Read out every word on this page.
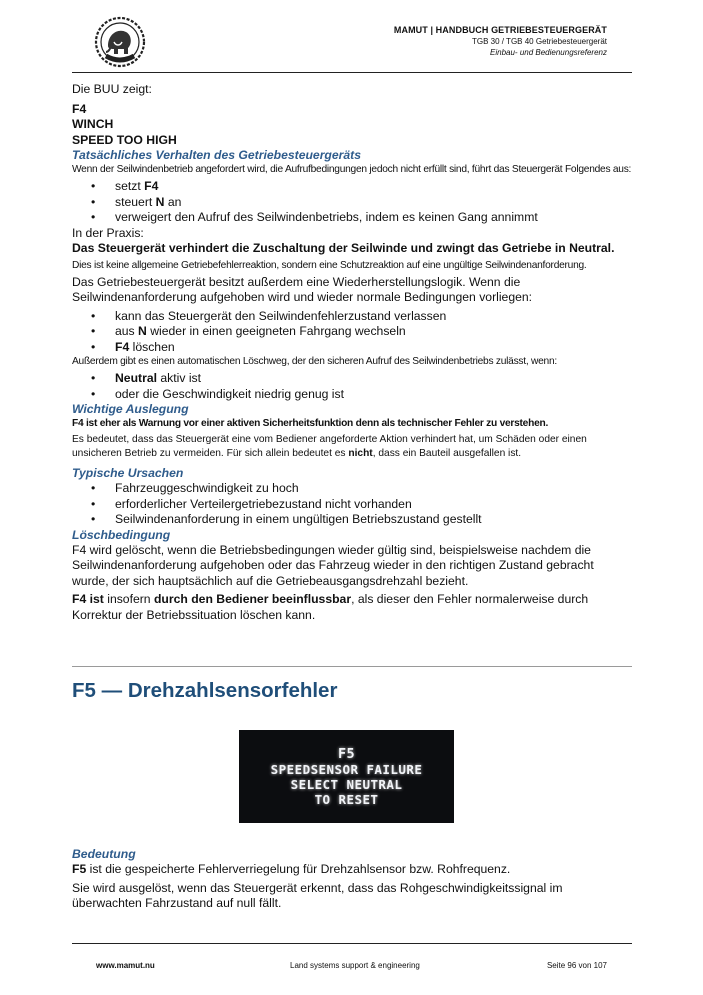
MAMUT | HANDBUCH GETRIEBESTEUERGERÄT
TGB 30 / TGB 40 Getriebesteuergerät
Einbau- und Bedienungsreferenz

Die BUU zeigt:

F4

WINCH

SPEED TOO HIGH

Tatsächliches Verhalten des Getriebesteuergeräts

Wenn der Seilwindenbetrieb angefordert wird, die Aufrufbedingungen jedoch nicht erfüllt sind, führt das Steuergerät Folgendes aus:

• setzt F4
• steuert N an
• verweigert den Aufruf des Seilwindenbetriebs, indem es keinen Gang annimmt

In der Praxis:

Das Steuergerät verhindert die Zuschaltung der Seilwinde und zwingt das Getriebe in Neutral.

Dies ist keine allgemeine Getriebefehlerreaktion, sondern eine Schutzreaktion auf eine ungültige Seilwindenanforderung.

Das Getriebesteuergerät besitzt außerdem eine Wiederherstellungslogik. Wenn die Seilwindenanforderung aufgehoben wird und wieder normale Bedingungen vorliegen:

• kann das Steuergerät den Seilwindenfehlerzustand verlassen
• aus N wieder in einen geeigneten Fahrgang wechseln
• F4 löschen

Außerdem gibt es einen automatischen Löschweg, der den sicheren Aufruf des Seilwindenbetriebs zulässt, wenn:

• Neutral aktiv ist
• oder die Geschwindigkeit niedrig genug ist

Wichtige Auslegung

F4 ist eher als Warnung vor einer aktiven Sicherheitsfunktion denn als technischer Fehler zu verstehen.

Es bedeutet, dass das Steuergerät eine vom Bediener angeforderte Aktion verhindert hat, um Schäden oder einen unsicheren Betrieb zu vermeiden. Für sich allein bedeutet es nicht, dass ein Bauteil ausgefallen ist.

Typische Ursachen

• Fahrzeuggeschwindigkeit zu hoch
• erforderlicher Verteilergetriebezustand nicht vorhanden
• Seilwindenanforderung in einem ungültigen Betriebszustand gestellt

Löschbedingung

F4 wird gelöscht, wenn die Betriebsbedingungen wieder gültig sind, beispielsweise nachdem die Seilwindenanforderung aufgehoben oder das Fahrzeug wieder in den richtigen Zustand gebracht wurde, der sich hauptsächlich auf die Getriebeausgangsdrehzahl bezieht.

F4 ist insofern durch den Bediener beeinflussbar, als dieser den Fehler normalerweise durch Korrektur der Betriebssituation löschen kann.

F5 — Drehzahlsensorfehler

F5
SPEEDSENSOR FAILURE
SELECT NEUTRAL
TO RESET

Bedeutung

F5 ist die gespeicherte Fehlerverriegelung für Drehzahlsensor bzw. Rohfrequenz.

Sie wird ausgelöst, wenn das Steuergerät erkennt, dass das Rohgeschwindigkeitssignal im überwachten Fahrzustand auf null fällt.

www.mamut.nu	Land systems support & engineering	Seite 96 von 107
